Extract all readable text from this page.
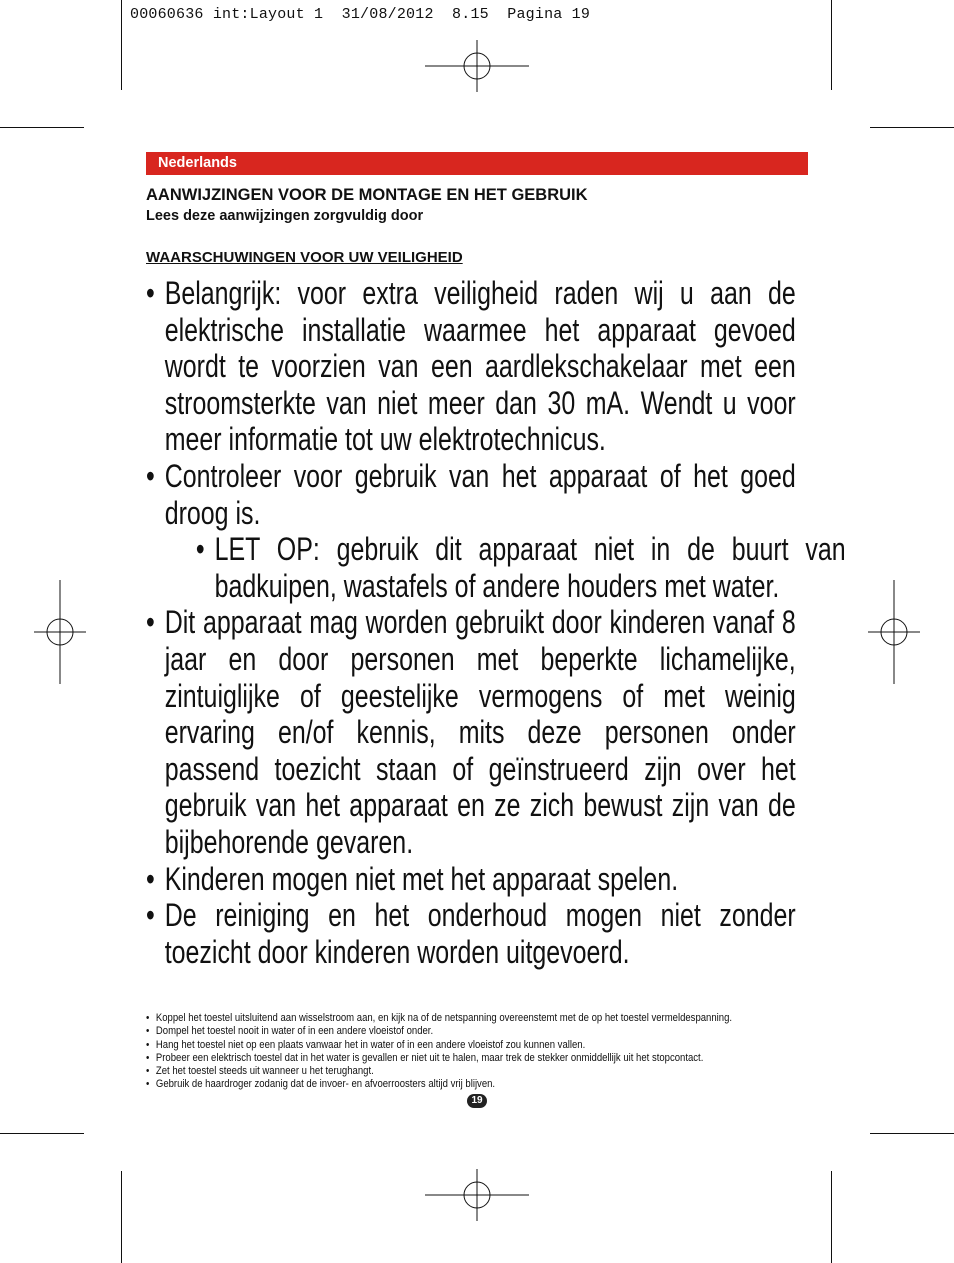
00060636 int:Layout 1  31/08/2012  8.15  Pagina 19
Nederlands
AANWIJZINGEN VOOR DE MONTAGE EN HET GEBRUIK

Lees deze aanwijzingen zorgvuldig door

WAARSCHUWINGEN VOOR UW VEILIGHEID
• Belangrijk: voor extra veiligheid raden wij u aan de elektrische installatie waarmee het apparaat gevoed wordt te voorzien van een aardlekschakelaar met een stroomsterkte van niet meer dan 30 mA. Wendt u voor meer informatie tot uw elektrotechnicus.
• Controleer voor gebruik van het apparaat of het goed droog is.
• LET OP: gebruik dit apparaat niet in de buurt van badkuipen, wastafels of andere houders met water.
• Dit apparaat mag worden gebruikt door kinderen vanaf 8 jaar en door personen met beperkte lichamelijke, zintuiglijke of geestelijke vermogens of met weinig ervaring en/of kennis, mits deze personen onder passend toezicht staan of geïnstrueerd zijn over het gebruik van het apparaat en ze zich bewust zijn van de bijbehorende gevaren.
• Kinderen mogen niet met het apparaat spelen.
• De reiniging en het onderhoud mogen niet zonder toezicht door kinderen worden uitgevoerd.
• Koppel het toestel uitsluitend aan wisselstroom aan, en kijk na of de netspanning overeenstemt met de op het toestel vermeldespanning.
• Dompel het toestel nooit in water of in een andere vloeistof onder.
• Hang het toestel niet op een plaats vanwaar het in water of in een andere vloeistof zou kunnen vallen.
• Probeer een elektrisch toestel dat in het water is gevallen er niet uit te halen, maar trek de stekker onmiddellijk uit het stopcontact.
• Zet het toestel steeds uit wanneer u het terughangt.
• Gebruik de haardroger zodanig dat de invoer- en afvoerroosters altijd vrij blijven.
19
